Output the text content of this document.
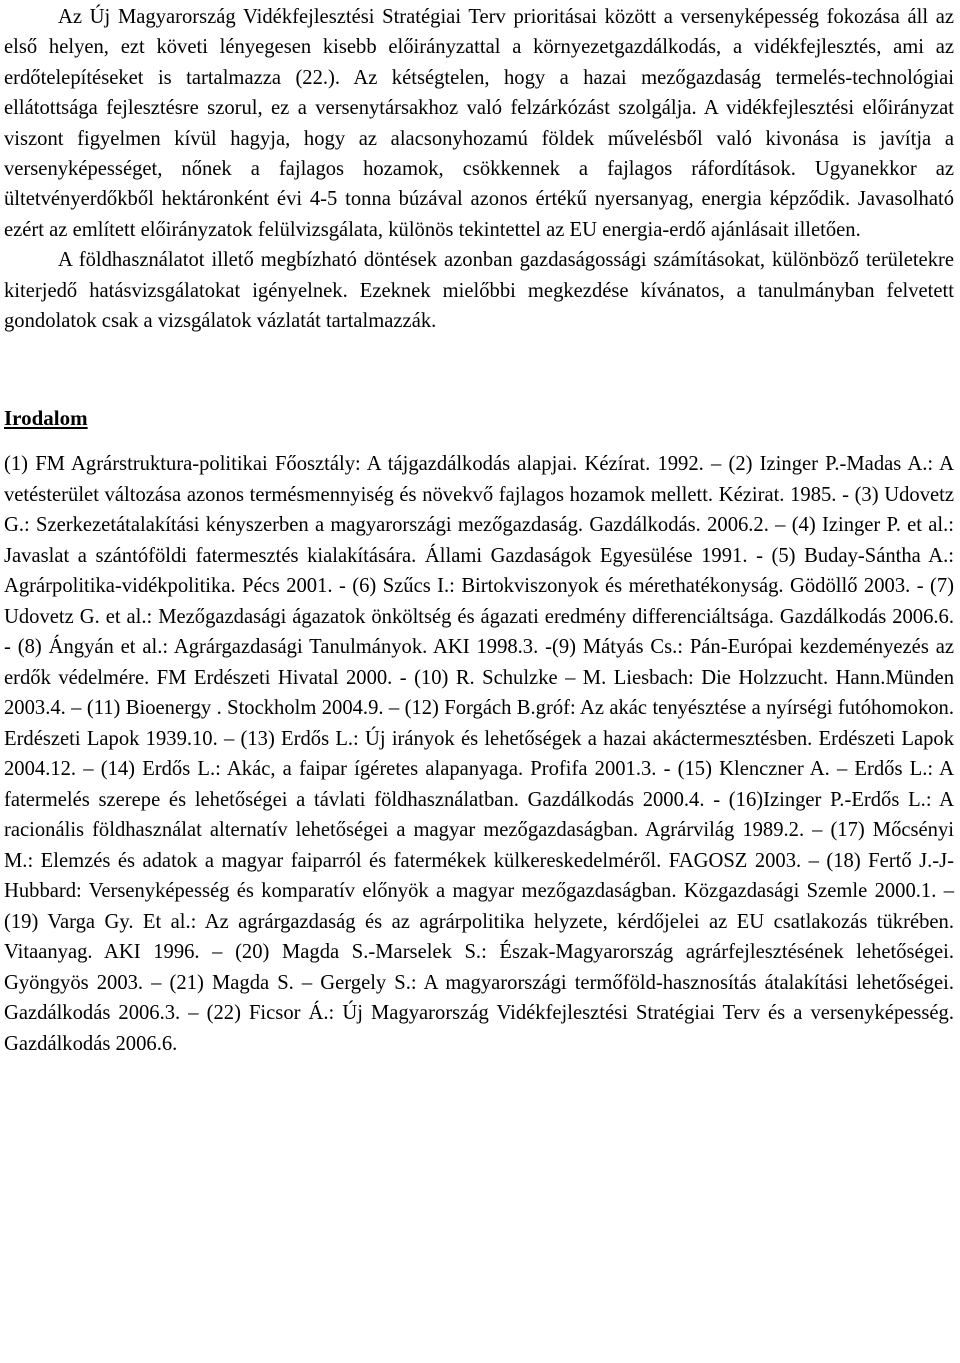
Az Új Magyarország Vidékfejlesztési Stratégiai Terv prioritásai között a versenyképesség fokozása áll az első helyen, ezt követi lényegesen kisebb előirányzattal a környezetgazdálkodás, a vidékfejlesztés, ami az erdőtelepítéseket is tartalmazza (22.). Az kétségtelen, hogy a hazai mezőgazdaság termelés-technológiai ellátottsága fejlesztésre szorul, ez a versenytársakhoz való felzárkózást szolgálja. A vidékfejlesztési előirányzat viszont figyelmen kívül hagyja, hogy az alacsonyhozamú földek művelésből való kivonása is javítja a versenyképességet, nőnek a fajlagos hozamok, csökkennek a fajlagos ráfordítások. Ugyanekkor az ültetvényerdőkből hektáronként évi 4-5 tonna búzával azonos értékű nyersanyag, energia képződik. Javasolható ezért az említett előirányzatok felülvizsgálata, különös tekintettel az EU energia-erdő ajánlásait illetően.

A földhasználatot illető megbízható döntések azonban gazdaságossági számításokat, különböző területekre kiterjedő hatásvizsgálatokat igényelnek. Ezeknek mielőbbi megkezdése kívánatos, a tanulmányban felvetett gondolatok csak a vizsgálatok vázlatát tartalmazzák.

Irodalom

(1) FM Agrárstruktura-politikai Főosztály: A tájgazdálkodás alapjai. Kézírat. 1992. – (2) Izinger P.-Madas A.: A vetésterület változása azonos termésmennyiség és növekvő fajlagos hozamok mellett. Kézirat. 1985. - (3) Udovetz G.: Szerkezetátalakítási kényszerben a magyarországi mezőgazdaság. Gazdálkodás. 2006.2. – (4) Izinger P. et al.: Javaslat a szántóföldi fatermesztés kialakítására. Állami Gazdaságok Egyesülése 1991. - (5) Buday-Sántha A.: Agrárpolitika-vidékpolitika. Pécs 2001. - (6) Szűcs I.: Birtokviszonyok és mérethatékonyság. Gödöllő 2003. - (7) Udovetz G. et al.: Mezőgazdasági ágazatok önköltség és ágazati eredmény differenciáltsága. Gazdálkodás 2006.6. - (8) Ángyán et al.: Agrárgazdasági Tanulmányok. AKI 1998.3. -(9) Mátyás Cs.: Pán-Európai kezdeményezés az erdők védelmére. FM Erdészeti Hivatal 2000. - (10) R. Schulzke – M. Liesbach: Die Holzzucht. Hann.Münden 2003.4. – (11) Bioenergy . Stockholm 2004.9. – (12) Forgách B.gróf: Az akác tenyésztése a nyírségi futóhomokon. Erdészeti Lapok 1939.10. – (13) Erdős L.: Új irányok és lehetőségek a hazai akáctermesztésben. Erdészeti Lapok 2004.12. – (14) Erdős L.: Akác, a faipar ígéretes alapanyaga. Profifa 2001.3. - (15) Klenczner A. – Erdős L.: A fatermelés szerepe és lehetőségei a távlati földhasználatban. Gazdálkodás 2000.4. - (16)Izinger P.-Erdős L.: A racionális földhasználat alternatív lehetőségei a magyar mezőgazdaságban. Agrárvilág 1989.2. – (17) Mőcsényi M.: Elemzés és adatok a magyar faiparról és fatermékek külkereskedelméről. FAGOSZ 2003. – (18) Fertő J.-J-Hubbard: Versenyképesség és komparatív előnyök a magyar mezőgazdaságban. Közgazdasági Szemle 2000.1. – (19) Varga Gy. Et al.: Az agrárgazdaság és az agrárpolitika helyzete, kérdőjelei az EU csatlakozás tükrében. Vitaanyag. AKI 1996. – (20) Magda S.-Marselek S.: Észak-Magyarország agrárfejlesztésének lehetőségei. Gyöngyös 2003. – (21) Magda S. – Gergely S.: A magyarországi termőföld-hasznosítás átalakítási lehetőségei. Gazdálkodás 2006.3. – (22) Ficsor Á.: Új Magyarország Vidékfejlesztési Stratégiai Terv és a versenyképesség. Gazdálkodás 2006.6.
